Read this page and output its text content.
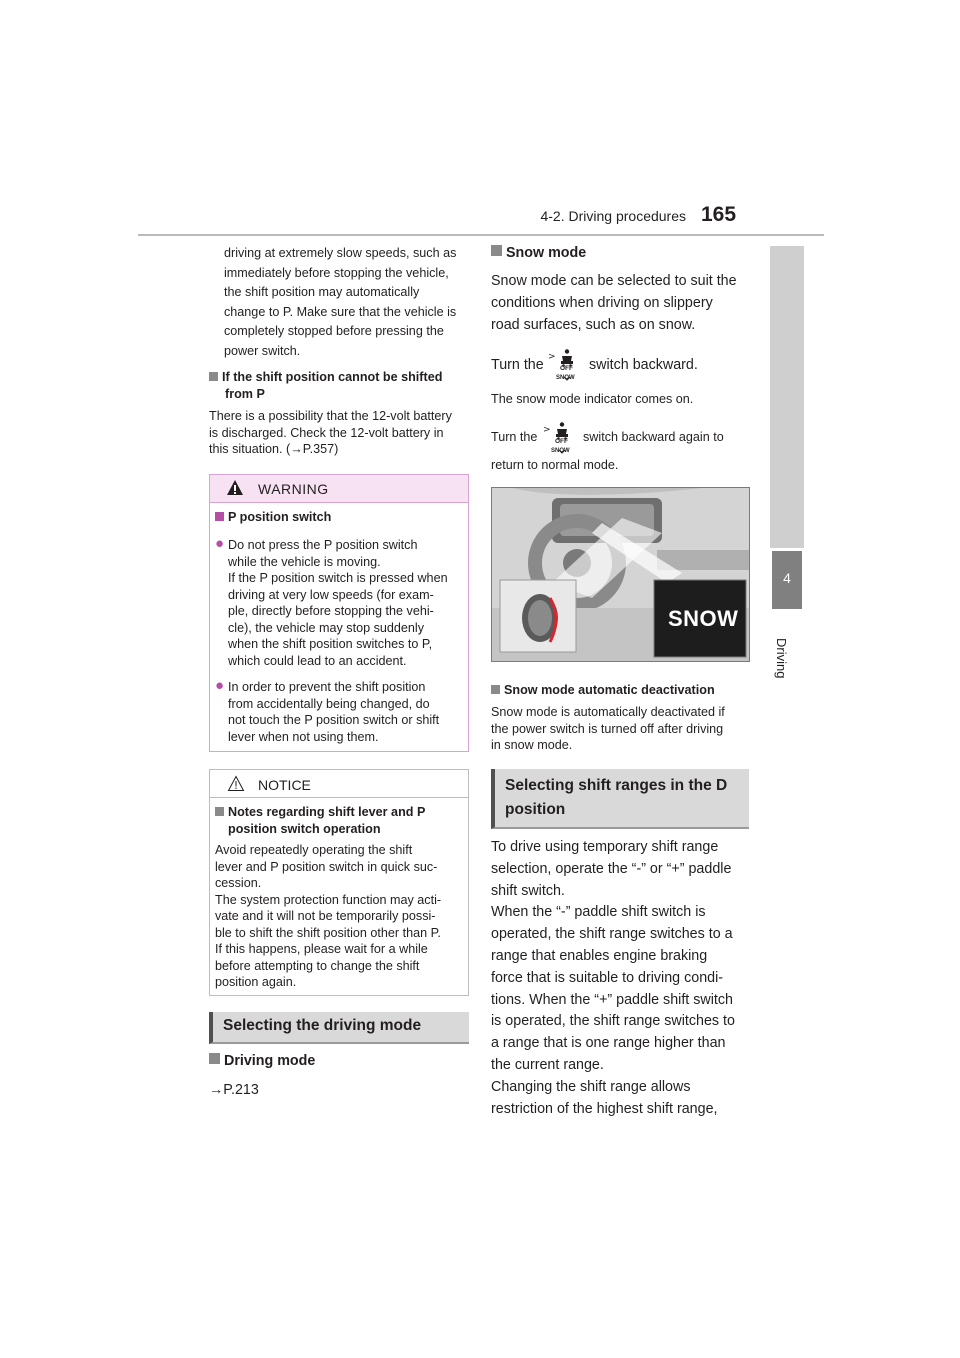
4-2. Driving procedures 165
4
Driving
driving at extremely slow speeds, such as
immediately before stopping the vehicle,
the shift position may automatically
change to P. Make sure that the vehicle is
completely stopped before pressing the
power switch.
If the shift position cannot be shifted
from P
There is a possibility that the 12-volt battery
is discharged. Check the 12-volt battery in
this situation. (→P.357)
WARNING
P position switch
● Do not press the P position switch
while the vehicle is moving.
If the P position switch is pressed when
driving at very low speeds (for exam-
ple, directly before stopping the vehi-
cle), the vehicle may stop suddenly
when the shift position switches to P,
which could lead to an accident.
● In order to prevent the shift position
from accidentally being changed, do
not touch the P position switch or shift
lever when not using them.
NOTICE
Notes regarding shift lever and P
position switch operation
Avoid repeatedly operating the shift
lever and P position switch in quick suc-
cession.
The system protection function may acti-
vate and it will not be temporarily possi-
ble to shift the shift position other than P.
If this happens, please wait for a while
before attempting to change the shift
position again.
Selecting the driving mode
Driving mode
→P.213
Snow mode
Snow mode can be selected to suit the
conditions when driving on slippery
road surfaces, such as on snow.
Turn the >
OFF
SNOW
switch backward.
The snow mode indicator comes on.
Turn the >
OFF
SNOW
switch backward again to
return to normal mode.
SNOW
Snow mode automatic deactivation
Snow mode is automatically deactivated if
the power switch is turned off after driving
in snow mode.
Selecting shift ranges in the D
position
To drive using temporary shift range
selection, operate the “-” or “+” paddle
shift switch.
When the “-” paddle shift switch is
operated, the shift range switches to a
range that enables engine braking
force that is suitable to driving condi-
tions. When the “+” paddle shift switch
is operated, the shift range switches to
a range that is one range higher than
the current range.
Changing the shift range allows
restriction of the highest shift range,
